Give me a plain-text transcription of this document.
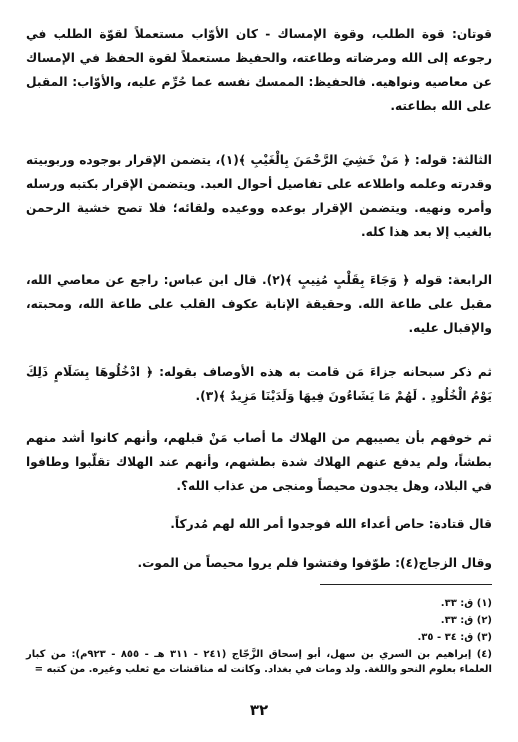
قوتان: قوة الطلب، وقوة الإمساك - كان الأوّاب مستعملاً لقوّة الطلب في رجوعه إلى الله ومرضاته وطاعته، والحفيظ مستعملاً لقوة الحفظ في الإمساك عن معاصيه ونواهيه. فالحفيظ: الممسك نفسه عما حُرِّم عليه، والأوّاب: المقبل على الله بطاعته.

الثالثة: قوله: ﴿ مَنْ خَشِيَ الرَّحْمَنَ بِالْغَيْبِ ﴾(١)، يتضمن الإقرار بوجوده وربوبيته وقدرته وعلمه واطلاعه على تفاصيل أحوال العبد. ويتضمن الإقرار بكتبه ورسله وأمره ونهيه. ويتضمن الإقرار بوعده ووعيده ولقائه؛ فلا تصح خشية الرحمن بالغيب إلا بعد هذا كله.

الرابعة: قوله ﴿ وَجَاءَ بِقَلْبٍ مُنِيبٍ ﴾(٢). قال ابن عباس: راجع عن معاصي الله، مقبل على طاعة الله. وحقيقة الإنابة عكوف القلب على طاعة الله، ومحبته، والإقبال عليه.

ثم ذكر سبحانه جزاءَ مَن قامت به هذه الأوصاف بقوله: ﴿ ادْخُلُوهَا بِسَلَامٍ ذَلِكَ يَوْمُ الْخُلُودِ . لَهُمْ مَا يَشَاءُونَ فِيهَا وَلَدَيْنَا مَزِيدٌ ﴾(٣).

ثم خوفهم بأن يصيبهم من الهلاك ما أصاب مَنْ قبلهم، وأنهم كانوا أشد منهم بطشاً، ولم يدفع عنهم الهلاك شدة بطشهم، وأنهم عند الهلاك تقلّبوا وطافوا في البلاد، وهل يجدون محيصاً ومنجى من عذاب الله؟.

قال قتادة: حاص أعداء الله فوجدوا أمر الله لهم مُدركاً.

وقال الزجاج(٤): طوّفوا وفتشوا فلم يروا محيصاً من الموت.

(١) ق: ٣٣.
(٢) ق: ٣٣.
(٣) ق: ٣٤ - ٣٥.
(٤) إبراهيم بن السري بن سهل، أبو إسحاق الزَّجّاج (٢٤١ - ٣١١ هـ - ٨٥٥ - ٩٢٣م): من كبار العلماء بعلوم النحو واللغة. ولد ومات في بغداد. وكانت له مناقشات مع ثعلب وغيره. من كتبه =
٣٢
